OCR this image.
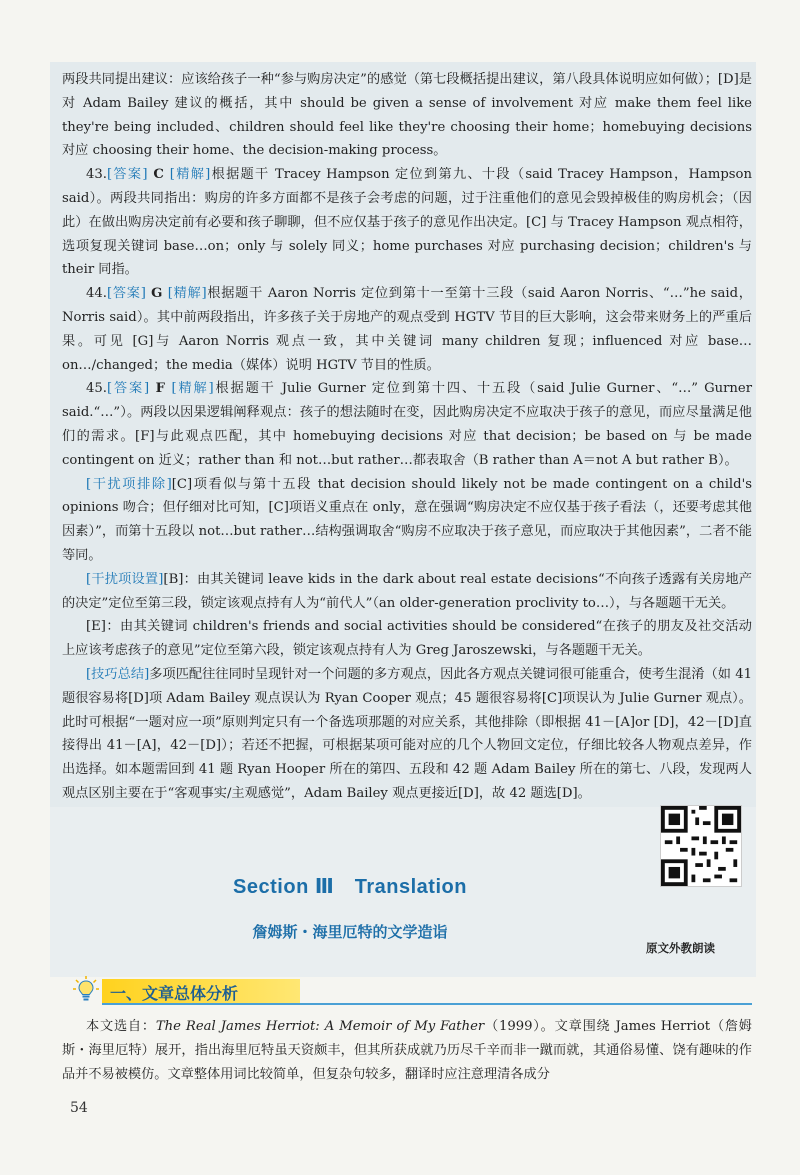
两段共同提出建议：应该给孩子一种“参与购房决定”的感觉（第七段概括提出建议，第八段具体说明应如何做）；[D]是对 Adam Bailey 建议的概括，其中 should be given a sense of involvement 对应 make them feel like they're being included、children should feel like they're choosing their home；homebuying decisions 对应 choosing their home、the decision-making process。

43.[答案] C [精解]根据题干 Tracey Hampson 定位到第九、十段（said Tracey Hampson，Hampson said）。两段共同指出：购房的许多方面都不是孩子会考虑的问题，过于注重他们的意见会毁掉极佳的购房机会；（因此）在做出购房决定前有必要和孩子聊聊，但不应仅基于孩子的意见作出决定。[C] 与 Tracey Hampson 观点相符，选项复现关键词 base…on；only 与 solely 同义；home purchases 对应 purchasing decision；children's 与 their 同指。

44.[答案] G [精解]根据题干 Aaron Norris 定位到第十一至第十三段（said Aaron Norris、“…”he said，Norris said）。其中前两段指出，许多孩子关于房地产的观点受到 HGTV 节目的巨大影响，这会带来财务上的严重后果。可见 [G]与 Aaron Norris 观点一致，其中关键词 many children 复现；influenced 对应 base…on…/changed；the media（媒体）说明 HGTV 节目的性质。

45.[答案] F [精解]根据题干 Julie Gurner 定位到第十四、十五段（said Julie Gurner、“…” Gurner said.“…”）。两段以因果逻辑阐释观点：孩子的想法随时在变，因此购房决定不应取决于孩子的意见，而应尽量满足他们的需求。[F]与此观点匹配，其中 homebuying decisions 对应 that decision；be based on 与 be made contingent on 近义；rather than 和 not…but rather…都表取舍（B rather than A＝not A but rather B）。

[干扰项排除][C]项看似与第十五段 that decision should likely not be made contingent on a child's opinions 吻合；但仔细对比可知，[C]项语义重点在 only，意在强调“购房决定不应仅基于孩子看法（，还要考虑其他因素）”，而第十五段以 not…but rather…结构强调取舍“购房不应取决于孩子意见，而应取决于其他因素”，二者不能等同。

[干扰项设置][B]：由其关键词 leave kids in the dark about real estate decisions“不向孩子透露有关房地产的决定”定位至第三段，锁定该观点持有人为“前代人”（an older-generation proclivity to…），与各题题干无关。

[E]：由其关键词 children's friends and social activities should be considered“在孩子的朋友及社交活动上应该考虑孩子的意见”定位至第六段，锁定该观点持有人为 Greg Jaroszewski，与各题题干无关。

[技巧总结]多项匹配往往同时呈现针对一个问题的多方观点，因此各方观点关键词很可能重合，使考生混淆（如 41 题很容易将[D]项 Adam Bailey 观点误认为 Ryan Cooper 观点；45 题很容易将[C]项误认为 Julie Gurner 观点）。此时可根据“一题对应一项”原则判定只有一个备选项那题的对应关系，其他排除（即根据 41－[A]or [D]，42－[D]直接得出 41－[A]，42－[D]）；若还不把握，可根据某项可能对应的几个人物回文定位，仔细比较各人物观点差异，作出选择。如本题需回到 41 题 Ryan Hooper 所在的第四、五段和 42 题 Adam Bailey 所在的第七、八段，发现两人观点区别主要在于“客观事实/主观感觉”，Adam Bailey 观点更接近[D]，故 42 题选[D]。

Section Ⅲ　Translation
詹姆斯・海里厄特的文学造诣
原文外教朗读
一、文章总体分析

本文选自：The Real James Herriot: A Memoir of My Father（1999）。文章围绕 James Herriot（詹姆斯・海里厄特）展开，指出海里厄特虽天资颇丰，但其所获成就乃历尽千辛而非一蹴而就，其通俗易懂、饶有趣味的作品并不易被模仿。文章整体用词比较简单，但复杂句较多，翻译时应注意理清各成分

54
